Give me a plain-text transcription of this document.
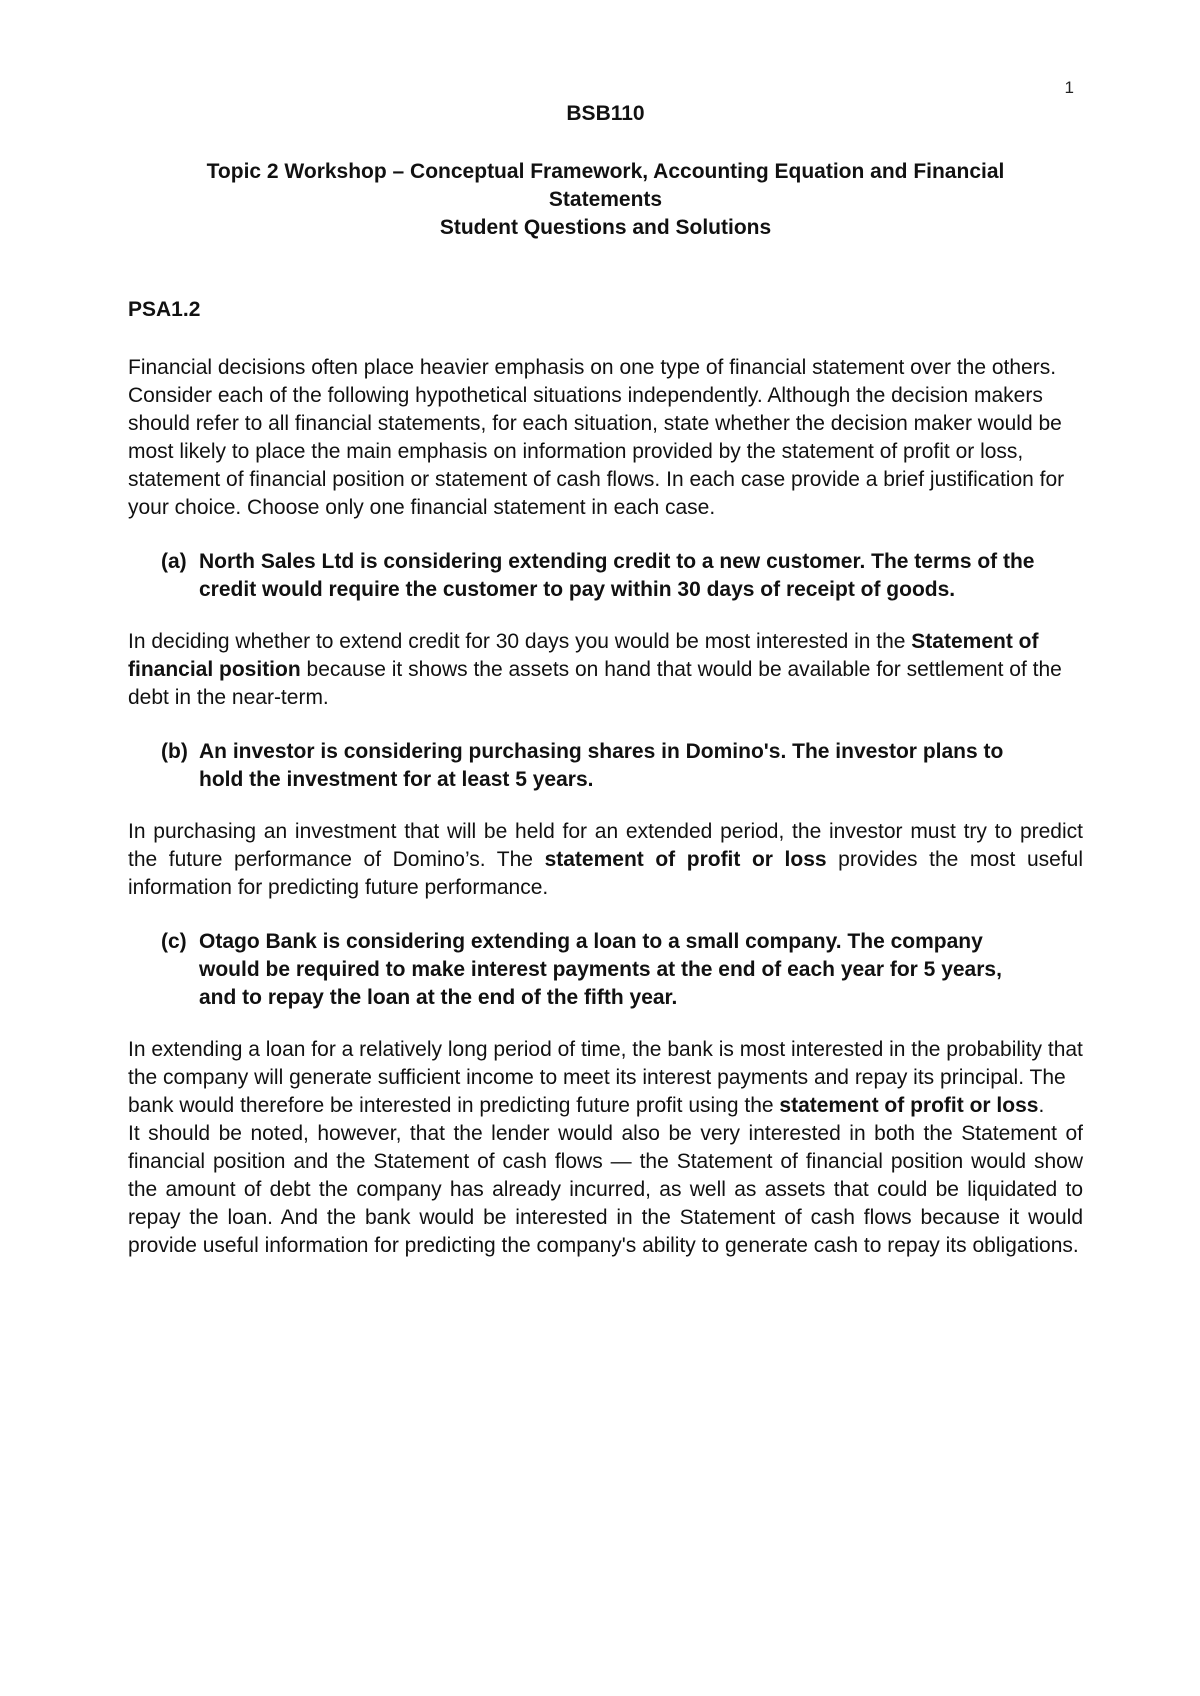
1

BSB110

Topic 2 Workshop – Conceptual Framework, Accounting Equation and Financial
Statements
Student Questions and Solutions

PSA1.2

Financial decisions often place heavier emphasis on one type of financial statement over the others. Consider each of the following hypothetical situations independently. Although the decision makers should refer to all financial statements, for each situation, state whether the decision maker would be most likely to place the main emphasis on information provided by the statement of profit or loss, statement of financial position or statement of cash flows. In each case provide a brief justification for your choice. Choose only one financial statement in each case.

(a) North Sales Ltd is considering extending credit to a new customer. The terms of the credit would require the customer to pay within 30 days of receipt of goods.

In deciding whether to extend credit for 30 days you would be most interested in the Statement of financial position because it shows the assets on hand that would be available for settlement of the debt in the near-term.

(b) An investor is considering purchasing shares in Domino's. The investor plans to hold the investment for at least 5 years.

In purchasing an investment that will be held for an extended period, the investor must try to predict the future performance of Domino’s. The statement of profit or loss provides the most useful information for predicting future performance.

(c) Otago Bank is considering extending a loan to a small company. The company would be required to make interest payments at the end of each year for 5 years, and to repay the loan at the end of the fifth year.

In extending a loan for a relatively long period of time, the bank is most interested in the probability that the company will generate sufficient income to meet its interest payments and repay its principal. The bank would therefore be interested in predicting future profit using the statement of profit or loss.

It should be noted, however, that the lender would also be very interested in both the Statement of financial position and the Statement of cash flows — the Statement of financial position would show the amount of debt the company has already incurred, as well as assets that could be liquidated to repay the loan. And the bank would be interested in the Statement of cash flows because it would provide useful information for predicting the company's ability to generate cash to repay its obligations.
